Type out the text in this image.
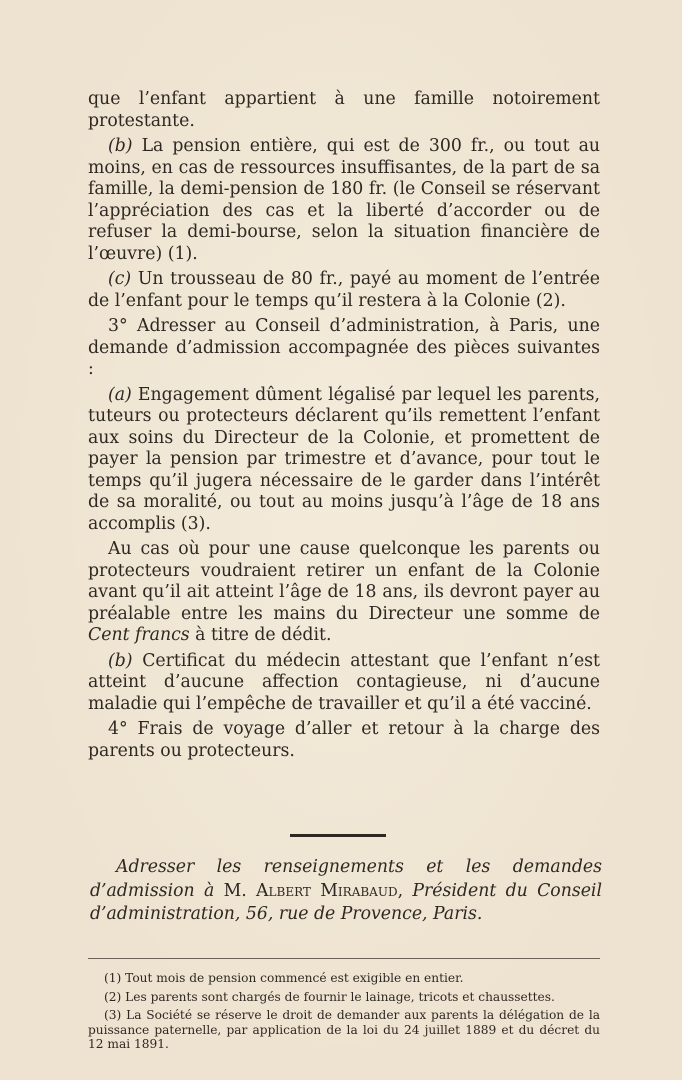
que l’enfant appartient à une famille notoirement protestante.

(b) La pension entière, qui est de 300 fr., ou tout au moins, en cas de ressources insuffisantes, de la part de sa famille, la demi-pension de 180 fr. (le Conseil se réservant l’appréciation des cas et la liberté d’accorder ou de refuser la demi-bourse, selon la situation financière de l’œuvre) (1).

(c) Un trousseau de 80 fr., payé au moment de l’entrée de l’enfant pour le temps qu’il restera à la Colonie (2).

3° Adresser au Conseil d’administration, à Paris, une demande d’admission accompagnée des pièces suivantes :

(a) Engagement dûment légalisé par lequel les parents, tuteurs ou protecteurs déclarent qu’ils remettent l’enfant aux soins du Directeur de la Colonie, et promettent de payer la pension par trimestre et d’avance, pour tout le temps qu’il jugera nécessaire de le garder dans l’intérêt de sa moralité, ou tout au moins jusqu’à l’âge de 18 ans accomplis (3).

Au cas où pour une cause quelconque les parents ou protecteurs voudraient retirer un enfant de la Colonie avant qu’il ait atteint l’âge de 18 ans, ils devront payer au préalable entre les mains du Directeur une somme de Cent francs à titre de dédit.

(b) Certificat du médecin attestant que l’enfant n’est atteint d’aucune affection contagieuse, ni d’aucune maladie qui l’empêche de travailler et qu’il a été vacciné.

4° Frais de voyage d’aller et retour à la charge des parents ou protecteurs.

Adresser les renseignements et les demandes d’admission à M. Albert Mirabaud, Président du Conseil d’administration, 56, rue de Provence, Paris.

(1) Tout mois de pension commencé est exigible en entier.

(2) Les parents sont chargés de fournir le lainage, tricots et chaussettes.

(3) La Société se réserve le droit de demander aux parents la délégation de la puissance paternelle, par application de la loi du 24 juillet 1889 et du décret du 12 mai 1891.
